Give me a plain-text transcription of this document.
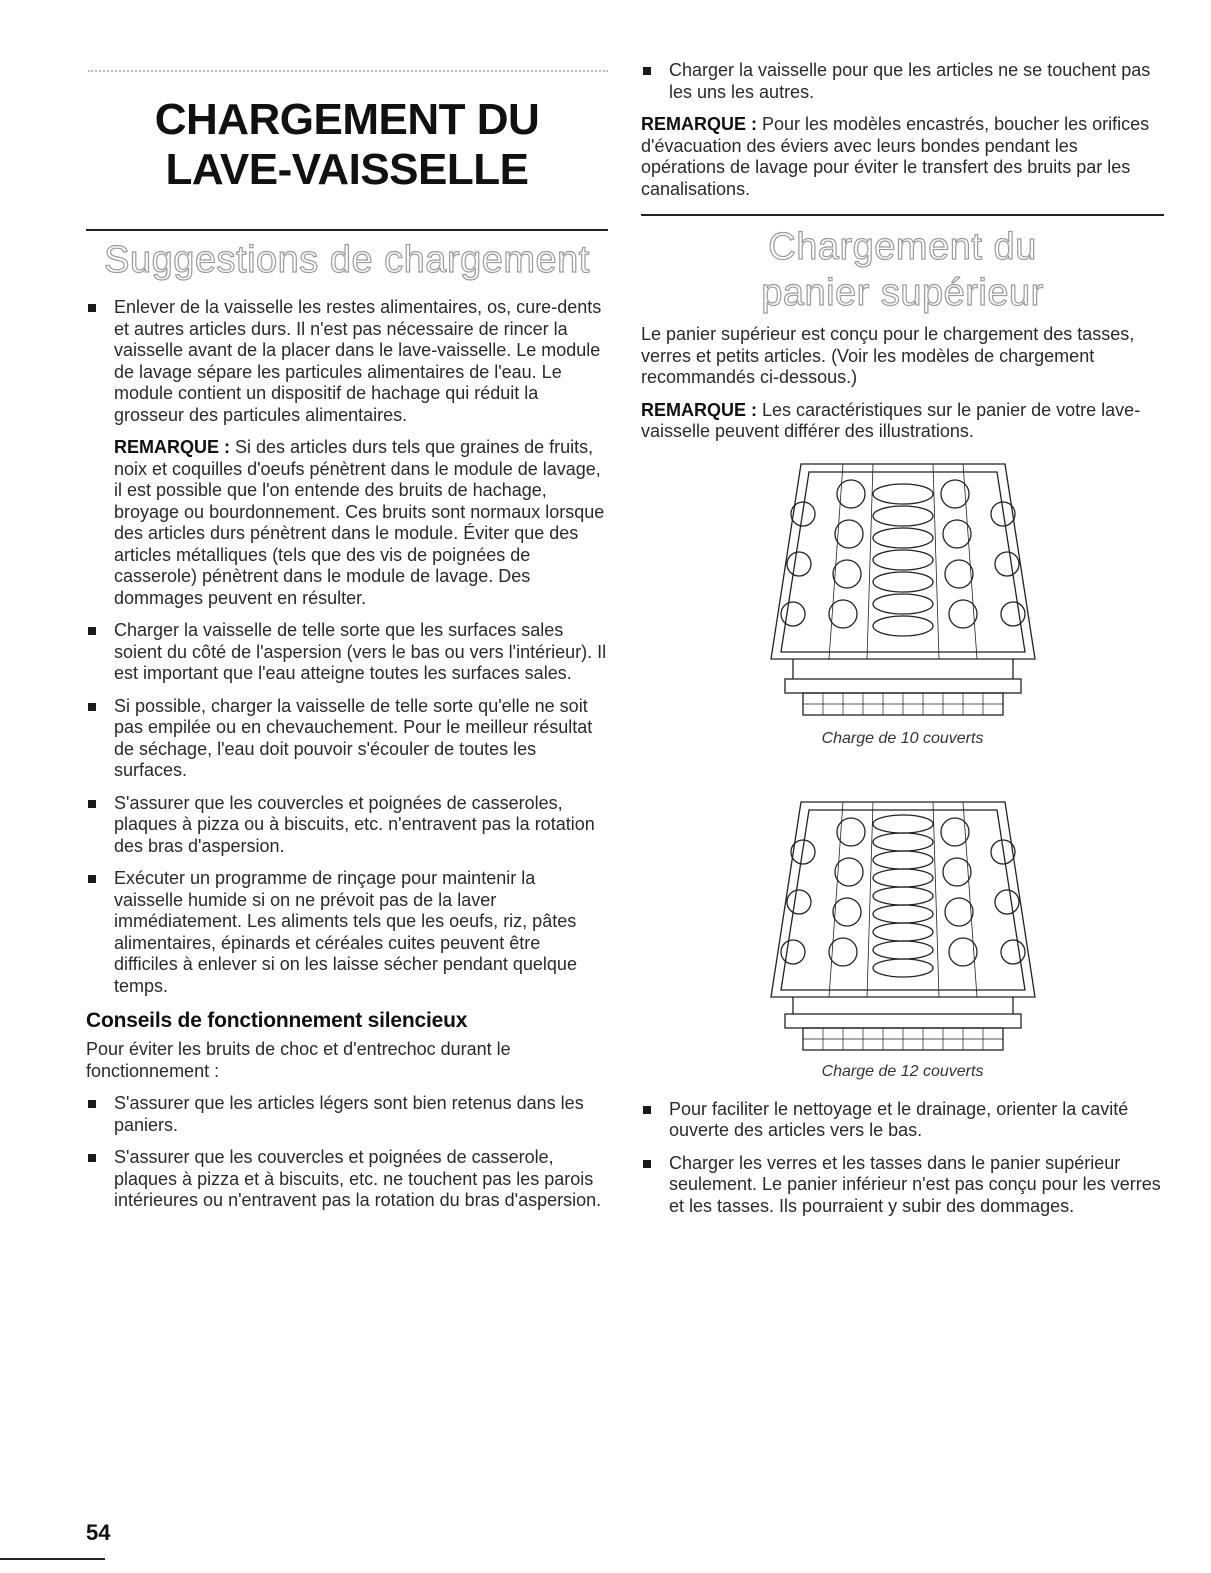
CHARGEMENT DU
LAVE-VAISSELLE
Suggestions de chargement
Enlever de la vaisselle les restes alimentaires, os, cure-dents et autres articles durs. Il n'est pas nécessaire de rincer la vaisselle avant de la placer dans le lave-vaisselle. Le module de lavage sépare les particules alimentaires de l'eau. Le module contient un dispositif de hachage qui réduit la grosseur des particules alimentaires.

REMARQUE : Si des articles durs tels que graines de fruits, noix et coquilles d'oeufs pénètrent dans le module de lavage, il est possible que l'on entende des bruits de hachage, broyage ou bourdonnement. Ces bruits sont normaux lorsque des articles durs pénètrent dans le module. Éviter que des articles métalliques (tels que des vis de poignées de casserole) pénètrent dans le module de lavage. Des dommages peuvent en résulter.

Charger la vaisselle de telle sorte que les surfaces sales soient du côté de l'aspersion (vers le bas ou vers l'intérieur). Il est important que l'eau atteigne toutes les surfaces sales.
Si possible, charger la vaisselle de telle sorte qu'elle ne soit pas empilée ou en chevauchement. Pour le meilleur résultat de séchage, l'eau doit pouvoir s'écouler de toutes les surfaces.
S'assurer que les couvercles et poignées de casseroles, plaques à pizza ou à biscuits, etc. n'entravent pas la rotation des bras d'aspersion.
Exécuter un programme de rinçage pour maintenir la vaisselle humide si on ne prévoit pas de la laver immédiatement. Les aliments tels que les oeufs, riz, pâtes alimentaires, épinards et céréales cuites peuvent être difficiles à enlever si on les laisse sécher pendant quelque temps.
Conseils de fonctionnement silencieux

Pour éviter les bruits de choc et d'entrechoc durant le fonctionnement :

S'assurer que les articles légers sont bien retenus dans les paniers.
S'assurer que les couvercles et poignées de casserole, plaques à pizza et à biscuits, etc. ne touchent pas les parois intérieures ou n'entravent pas la rotation du bras d'aspersion.
Charger la vaisselle pour que les articles ne se touchent pas les uns les autres.

REMARQUE : Pour les modèles encastrés, boucher les orifices d'évacuation des éviers avec leurs bondes pendant les opérations de lavage pour éviter le transfert des bruits par les canalisations.

Chargement du
panier supérieur

Le panier supérieur est conçu pour le chargement des tasses, verres et petits articles. (Voir les modèles de chargement recommandés ci-dessous.)

REMARQUE : Les caractéristiques sur le panier de votre lave-vaisselle peuvent différer des illustrations.

Charge de 10 couverts

Charge de 12 couverts

Pour faciliter le nettoyage et le drainage, orienter la cavité ouverte des articles vers le bas.
Charger les verres et les tasses dans le panier supérieur seulement. Le panier inférieur n'est pas conçu pour les verres et les tasses. Ils pourraient y subir des dommages.
54
